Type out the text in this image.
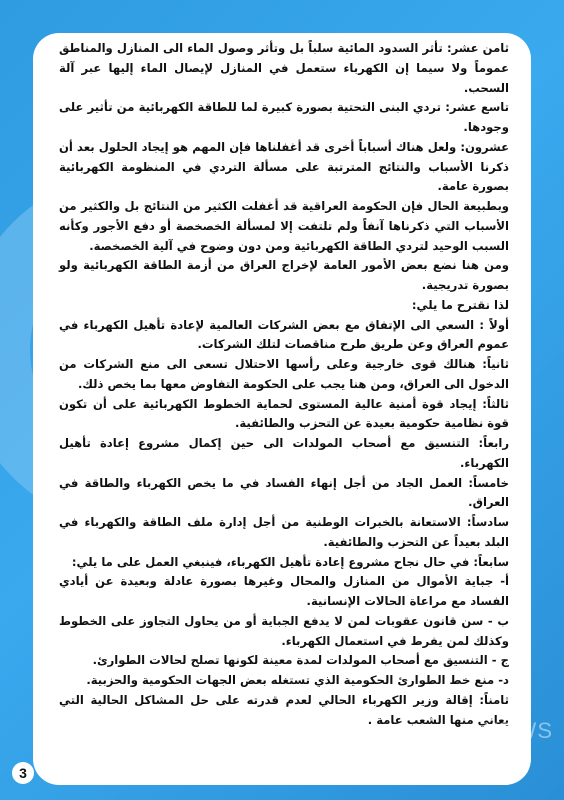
ثامن عشر: تأثر السدود المائية سلباً بل وتأثر وصول الماء الى المنازل والمناطق عموماً ولا سيما إن الكهرباء ستعمل في المنازل لإيصال الماء إليها عبر آلة السحب.

تاسع عشر: تردي البنى التحتية بصورة كبيرة لما للطاقة الكهربائية من تأثير على وجودها.

عشرون: ولعل هناك أسباباً أخرى قد أغفلناها فإن المهم هو إيجاد الحلول بعد أن ذكرنا الأسباب والنتائج المترتبة على مسألة التردي في المنظومة الكهربائية بصورة عامة.

وبطبيعة الحال فإن الحكومة العراقية قد أغفلت الكثير من النتائج بل والكثير من الأسباب التي ذكرناها آنفاً ولم تلتفت إلا لمسألة الخصخصة أو دفع الأجور وكأنه السبب الوحيد لتردي الطاقة الكهربائية ومن دون وضوح في آلية الخصخصة.

ومن هنا نضع بعض الأمور العامة لإخراج العراق من أزمة الطاقة الكهربائية ولو بصورة تدريجية.

لذا نقترح ما يلي:

أولاً : السعي الى الإتفاق مع بعض الشركات العالمية لإعادة تأهيل الكهرباء في عموم العراق وعن طريق طرح مناقصات لتلك الشركات.

ثانياً: هنالك قوى خارجية وعلى رأسها الاحتلال تسعى الى منع الشركات من الدخول الى العراق، ومن هنا يجب على الحكومة التفاوض معها بما يخص ذلك.

ثالثاً: إيجاد قوة أمنية عالية المستوى لحماية الخطوط الكهربائية على أن تكون قوة نظامية حكومية بعيدة عن التحزب والطائفية.

رابعاً: التنسيق مع أصحاب المولدات الى حين إكمال مشروع إعادة تأهيل الكهرباء.

خامساً: العمل الجاد من أجل إنهاء الفساد في ما يخص الكهرباء والطاقة في العراق.

سادساً: الاستعانة بالخبرات الوطنية من أجل إدارة ملف الطاقة والكهرباء في البلد بعيداً عن التحزب والطائفية.

سابعاً: في حال نجاح مشروع إعادة تأهيل الكهرباء، فينبغي العمل على ما يلي:

أ- جباية الأموال من المنازل والمحال وغيرها بصورة عادلة وبعيدة عن أيادي الفساد مع مراعاة الحالات الإنسانية.

ب - سن قانون عقوبات لمن لا يدفع الجباية أو من يحاول التجاوز على الخطوط وكذلك لمن يفرط في استعمال الكهرباء.

ج - التنسيق مع أصحاب المولدات لمدة معينة لكونها تصلح لحالات الطوارئ.

د- منع خط الطوارئ الحكومية الذي تستغله بعض الجهات الحكومية والحزبية.

ثامناً: إقالة وزير الكهرباء الحالي لعدم قدرته على حل المشاكل الحالية التي يعاني منها الشعب عامة .

3
NEWS
